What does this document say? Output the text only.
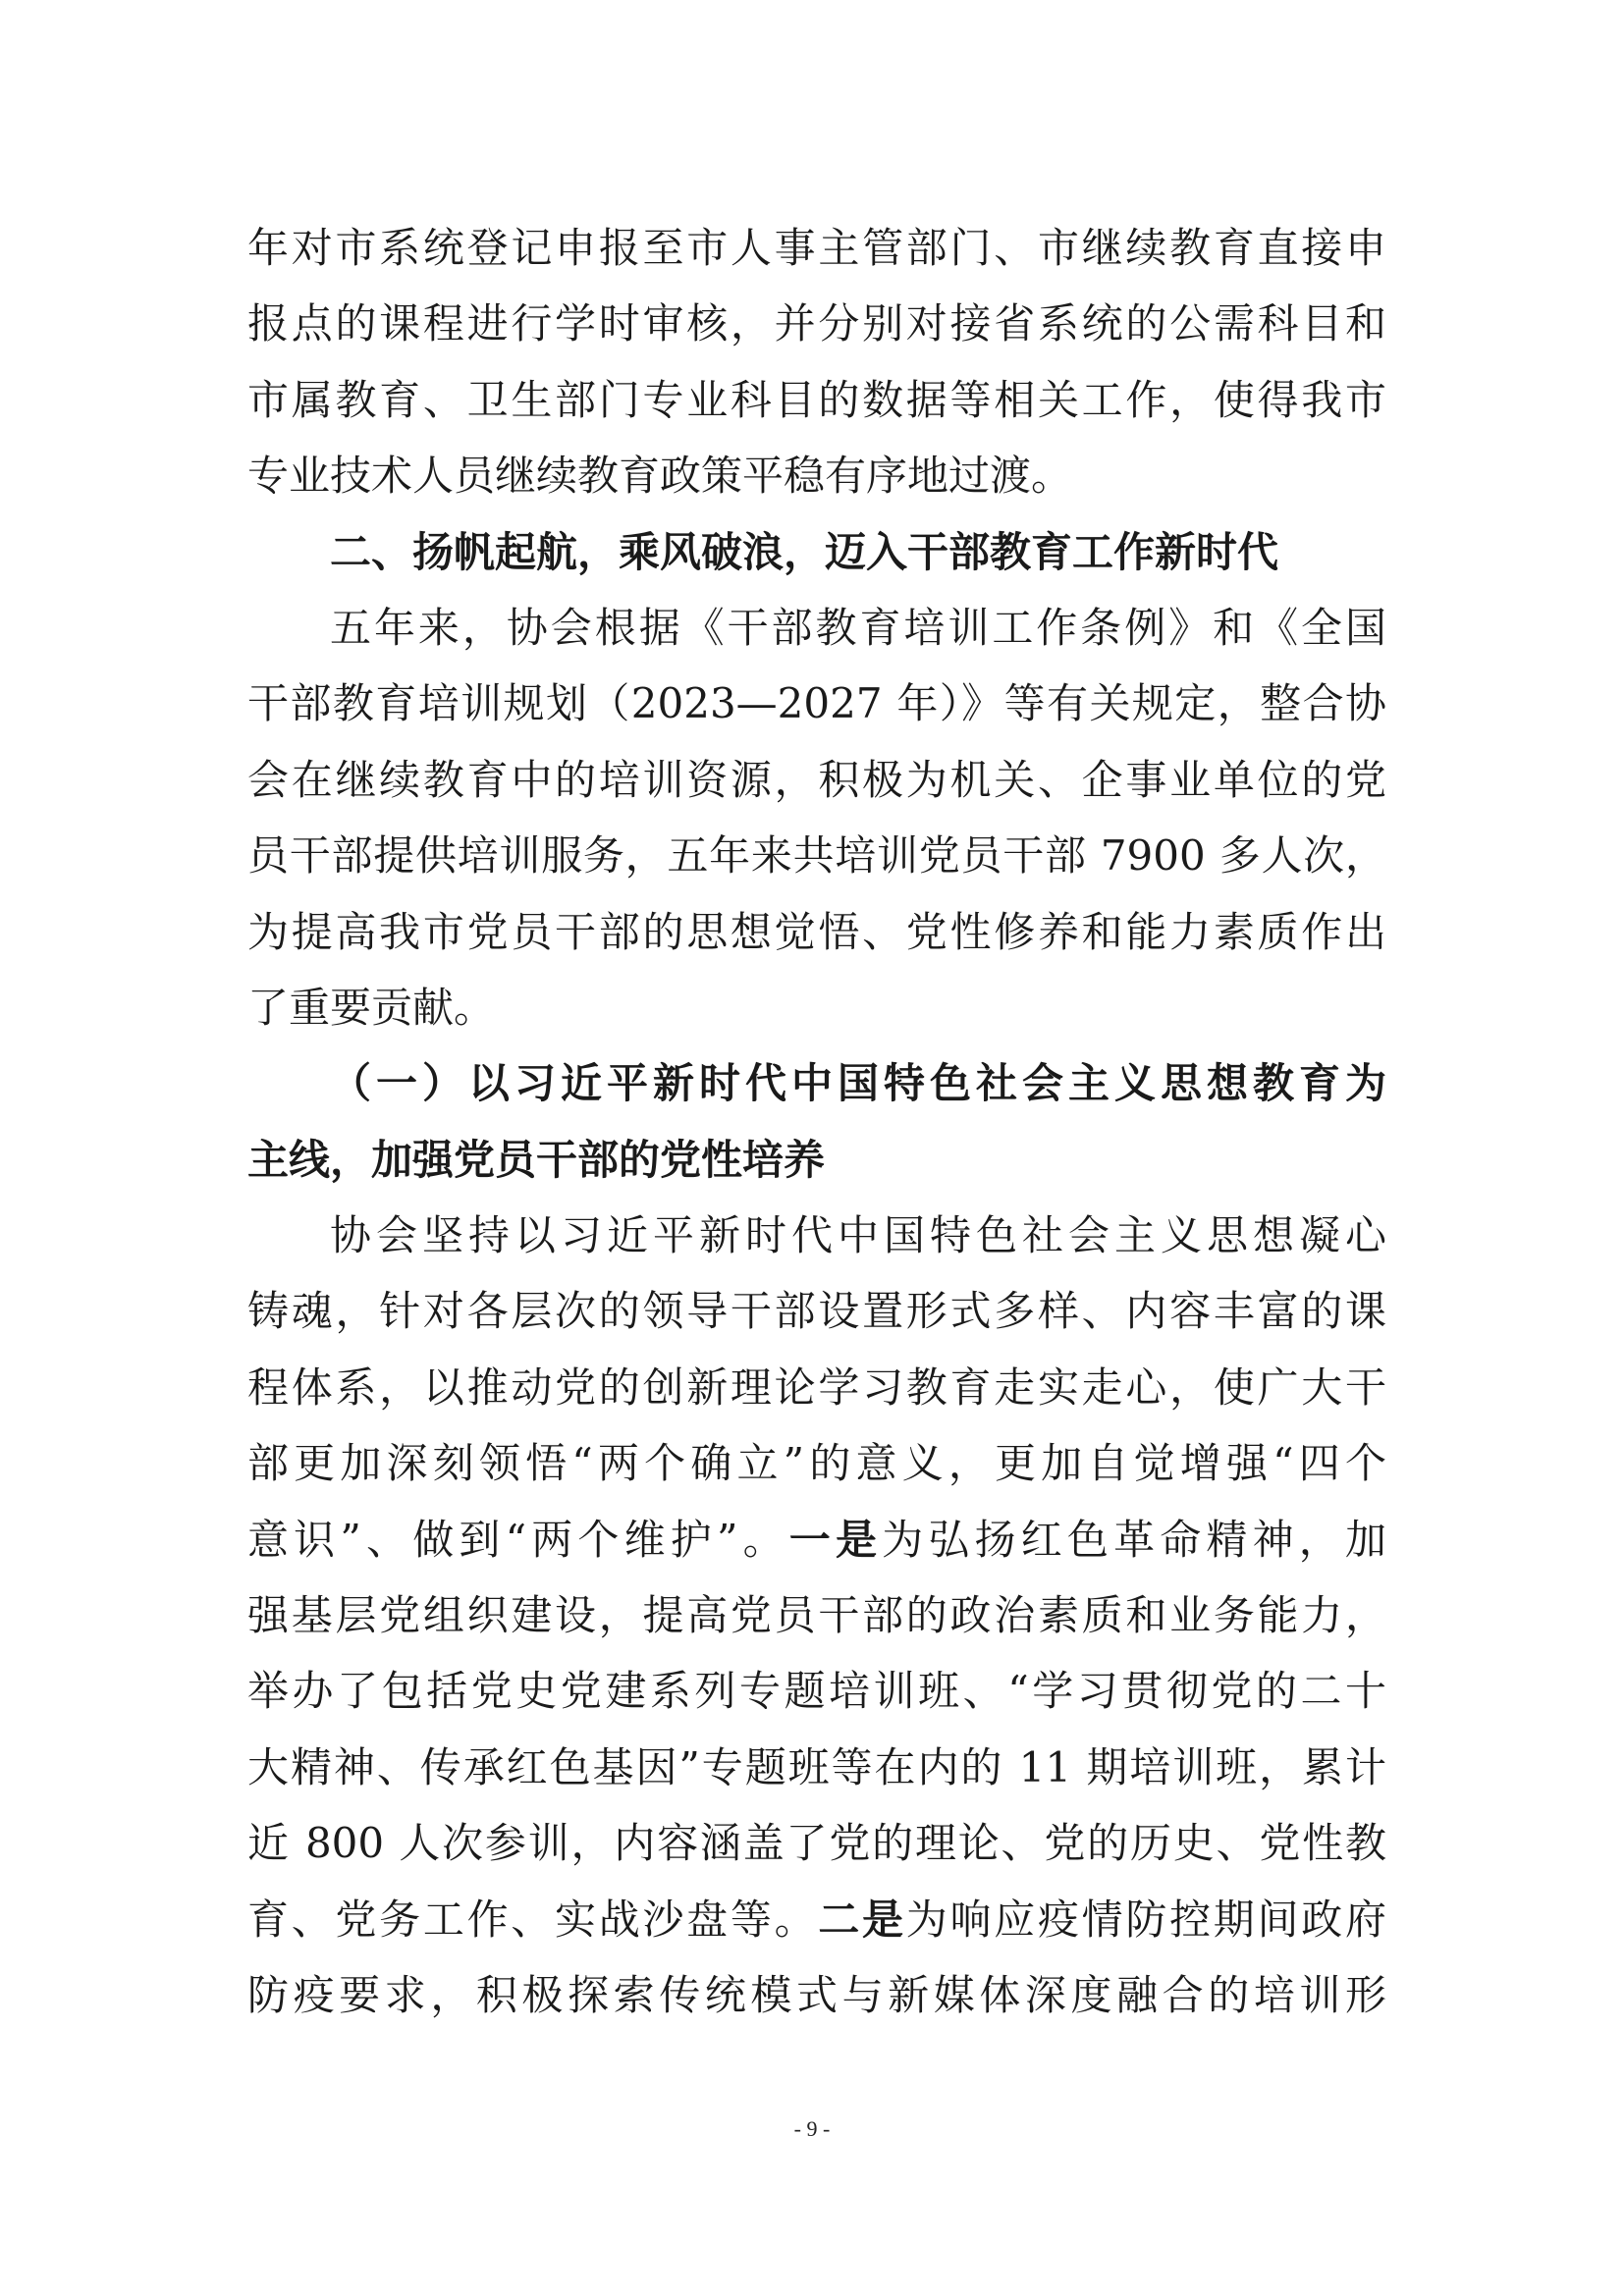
年对市系统登记申报至市人事主管部门、市继续教育直接申
报点的课程进行学时审核，并分别对接省系统的公需科目和
市属教育、卫生部门专业科目的数据等相关工作，使得我市
专业技术人员继续教育政策平稳有序地过渡。
二、扬帆起航，乘风破浪，迈入干部教育工作新时代
五年来，协会根据《干部教育培训工作条例》和《全国
干部教育培训规划（2023—2027 年）》等有关规定，整合协
会在继续教育中的培训资源，积极为机关、企事业单位的党
员干部提供培训服务，五年来共培训党员干部 7900 多人次，
为提高我市党员干部的思想觉悟、党性修养和能力素质作出
了重要贡献。
（一）以习近平新时代中国特色社会主义思想教育为
主线，加强党员干部的党性培养
协会坚持以习近平新时代中国特色社会主义思想凝心
铸魂，针对各层次的领导干部设置形式多样、内容丰富的课
程体系，以推动党的创新理论学习教育走实走心，使广大干
部更加深刻领悟“两个确立”的意义，更加自觉增强“四个
意识”、做到“两个维护”。一是为弘扬红色革命精神，加
强基层党组织建设，提高党员干部的政治素质和业务能力，
举办了包括党史党建系列专题培训班、“学习贯彻党的二十
大精神、传承红色基因”专题班等在内的 11 期培训班，累计
近 800 人次参训，内容涵盖了党的理论、党的历史、党性教
育、党务工作、实战沙盘等。二是为响应疫情防控期间政府
防疫要求，积极探索传统模式与新媒体深度融合的培训形
- 9 -
